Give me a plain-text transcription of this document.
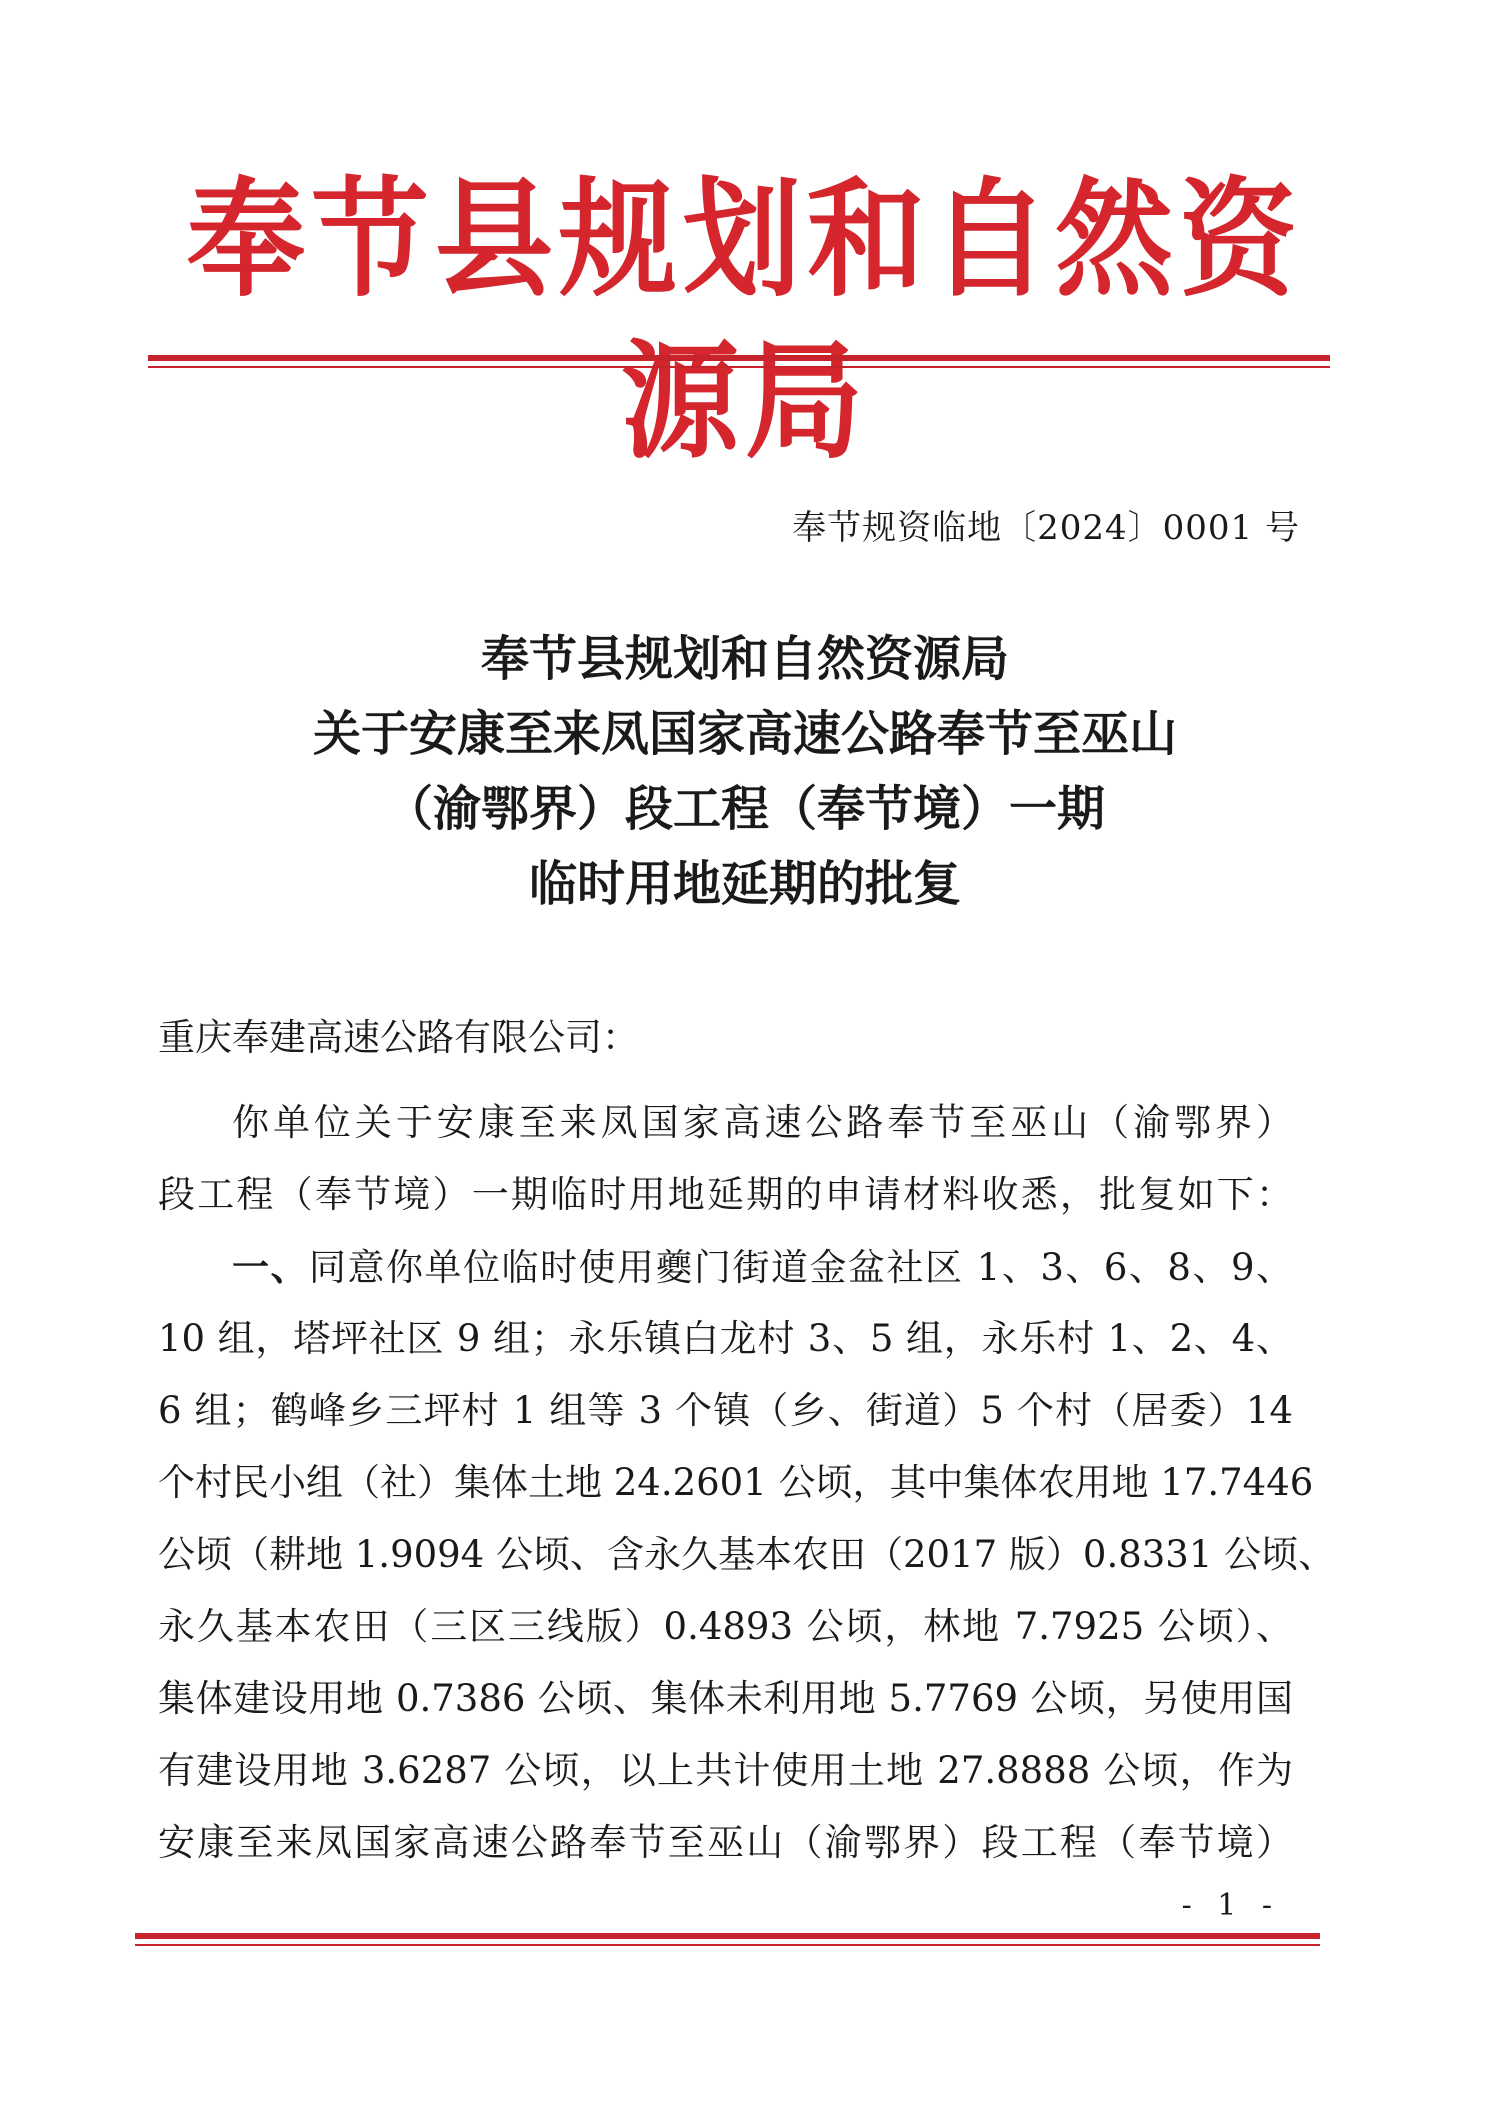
奉节县规划和自然资源局
奉节规资临地〔2024〕0001 号
奉节县规划和自然资源局
关于安康至来凤国家高速公路奉节至巫山
（渝鄂界）段工程（奉节境）一期
临时用地延期的批复
重庆奉建高速公路有限公司：
你单位关于安康至来凤国家高速公路奉节至巫山（渝鄂界）
段工程（奉节境）一期临时用地延期的申请材料收悉，批复如下：
一、同意你单位临时使用夔门街道金盆社区 1、3、6、8、9、
10 组，塔坪社区 9 组；永乐镇白龙村 3、5 组，永乐村 1、2、4、
6 组；鹤峰乡三坪村 1 组等 3 个镇（乡、街道）5 个村（居委）14
个村民小组（社）集体土地 24.2601 公顷，其中集体农用地 17.7446
公顷（耕地 1.9094 公顷、含永久基本农田（2017 版）0.8331 公顷、
永久基本农田（三区三线版）0.4893 公顷，林地 7.7925 公顷）、
集体建设用地 0.7386 公顷、集体未利用地 5.7769 公顷，另使用国
有建设用地 3.6287 公顷，以上共计使用土地 27.8888 公顷，作为
安康至来凤国家高速公路奉节至巫山（渝鄂界）段工程（奉节境）
- 1 -
